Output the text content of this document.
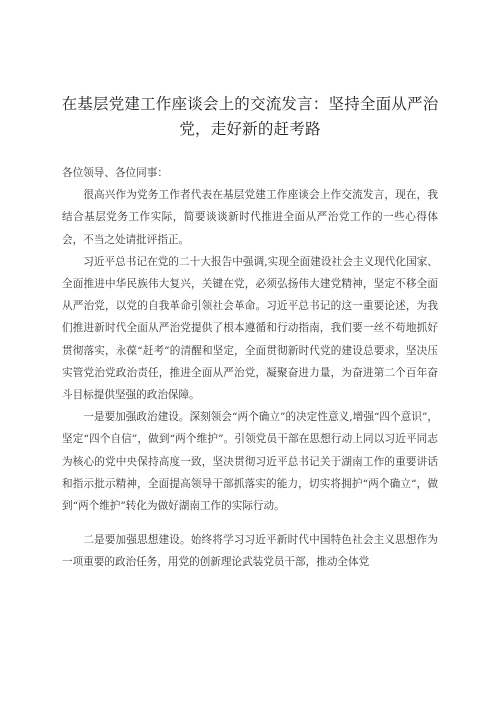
在基层党建工作座谈会上的交流发言：坚持全面从严治党，走好新的赶考路

各位领导、各位同事：

很高兴作为党务工作者代表在基层党建工作座谈会上作交流发言，现在，我结合基层党务工作实际，简要谈谈新时代推进全面从严治党工作的一些心得体会，不当之处请批评指正。

习近平总书记在党的二十大报告中强调,实现全面建设社会主义现代化国家、全面推进中华民族伟大复兴，关键在党，必须弘扬伟大建党精神，坚定不移全面从严治党，以党的自我革命引领社会革命。习近平总书记的这一重要论述，为我们推进新时代全面从严治党提供了根本遵循和行动指南，我们要一丝不苟地抓好贯彻落实，永葆“赶考”的清醒和坚定，全面贯彻新时代党的建设总要求，坚决压实管党治党政治责任，推进全面从严治党，凝聚奋进力量，为奋进第二个百年奋斗目标提供坚强的政治保障。

一是要加强政治建设。深刻领会“两个确立”的决定性意义,增强“四个意识”，坚定“四个自信”，做到“两个维护”。引领党员干部在思想行动上同以习近平同志为核心的党中央保持高度一致，坚决贯彻习近平总书记关于湖南工作的重要讲话和指示批示精神，全面提高领导干部抓落实的能力，切实将拥护“两个确立“，做到“两个维护”转化为做好湖南工作的实际行动。

二是要加强思想建设。始终将学习习近平新时代中国特色社会主义思想作为一项重要的政治任务，用党的创新理论武装党员干部，推动全体党
